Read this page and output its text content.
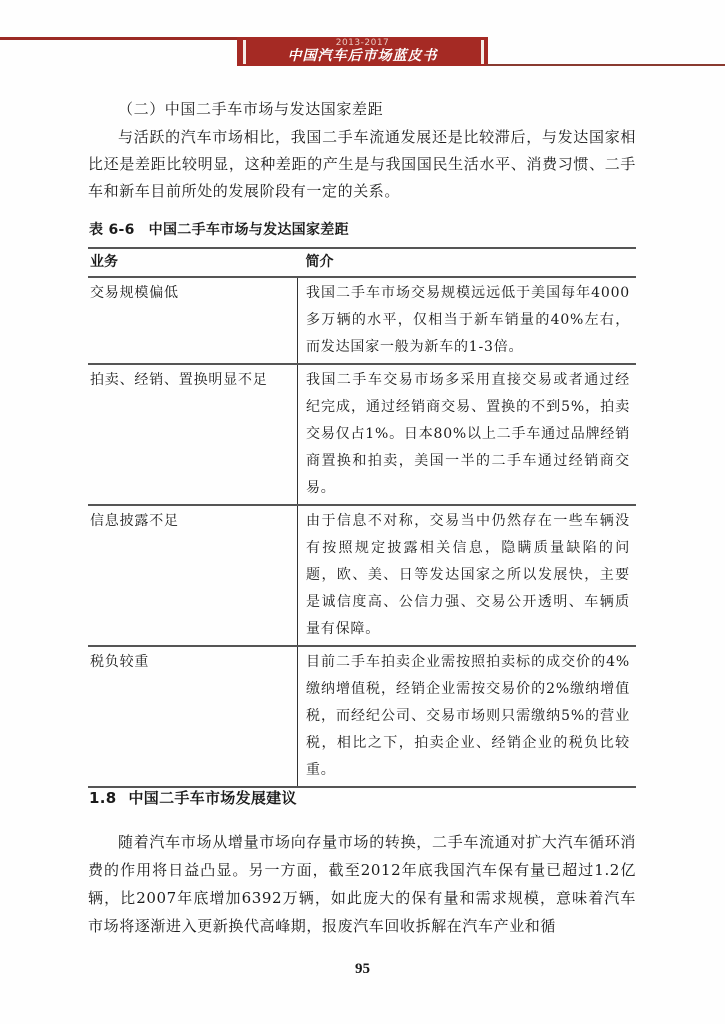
2013-2017
中国汽车后市场蓝皮书
（二）中国二手车市场与发达国家差距
与活跃的汽车市场相比，我国二手车流通发展还是比较滞后，与发达国家相比还是差距比较明显，这种差距的产生是与我国国民生活水平、消费习惯、二手车和新车目前所处的发展阶段有一定的关系。
表 6-6 中国二手车市场与发达国家差距
业务	简介
交易规模偏低	我国二手车市场交易规模远远低于美国每年4000多万辆的水平，仅相当于新车销量的40%左右，而发达国家一般为新车的1-3倍。
拍卖、经销、置换明显不足	我国二手车交易市场多采用直接交易或者通过经纪完成，通过经销商交易、置换的不到5%，拍卖交易仅占1%。日本80%以上二手车通过品牌经销商置换和拍卖，美国一半的二手车通过经销商交易。
信息披露不足	由于信息不对称，交易当中仍然存在一些车辆没有按照规定披露相关信息，隐瞒质量缺陷的问题，欧、美、日等发达国家之所以发展快，主要是诚信度高、公信力强、交易公开透明、车辆质量有保障。
税负较重	目前二手车拍卖企业需按照拍卖标的成交价的4%缴纳增值税，经销企业需按交易价的2%缴纳增值税，而经纪公司、交易市场则只需缴纳5%的营业税，相比之下，拍卖企业、经销企业的税负比较重。
1.8 中国二手车市场发展建议
随着汽车市场从增量市场向存量市场的转换，二手车流通对扩大汽车循环消费的作用将日益凸显。另一方面，截至2012年底我国汽车保有量已超过1.2亿辆，比2007年底增加6392万辆，如此庞大的保有量和需求规模，意味着汽车市场将逐渐进入更新换代高峰期，报废汽车回收拆解在汽车产业和循
95
